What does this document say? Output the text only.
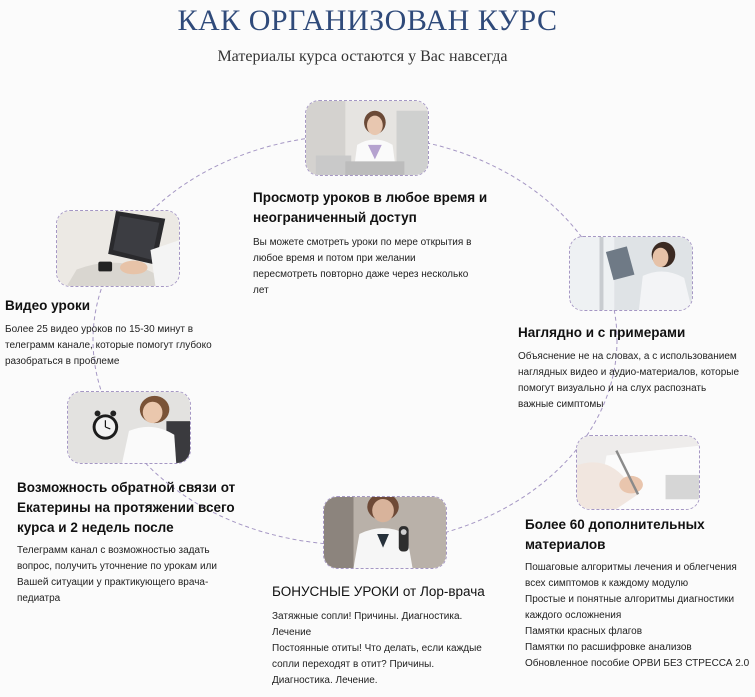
КАК ОРГАНИЗОВАН КУРС
Материалы курса остаются у Вас навсегда
Просмотр уроков в любое время и
неограниченный доступ
Вы можете смотреть уроки по мере открытия в
любое время и потом при желании
пересмотреть повторно даже через несколько
лет
Видео уроки
Более 25 видео уроков по 15-30 минут в
телеграмм канале, которые помогут глубоко
разобраться в проблеме
Наглядно и с примерами
Объяснение не на словах, а с использованием
наглядных видео и аудио-материалов, которые
помогут визуально и на слух распознать
важные симптомы
Возможность обратной связи от
Екатерины на протяжении всего
курса и 2 недель после
Телеграмм канал с возможностью задать
вопрос, получить уточнение по урокам или
Вашей ситуации у практикующего врача-
педиатра
Более 60 дополнительных
материалов
Пошаговые алгоритмы лечения и облегчения
всех симптомов к каждому модулю
Простые и понятные алгоритмы диагностики
каждого осложнения
Памятки красных флагов
Памятки по расшифровке анализов
Обновленное пособие ОРВИ БЕЗ СТРЕССА 2.0
БОНУСНЫЕ УРОКИ от Лор-врача
Затяжные сопли! Причины. Диагностика.
Лечение
Постоянные отиты! Что делать, если каждые
сопли переходят в отит? Причины.
Диагностика. Лечение.
